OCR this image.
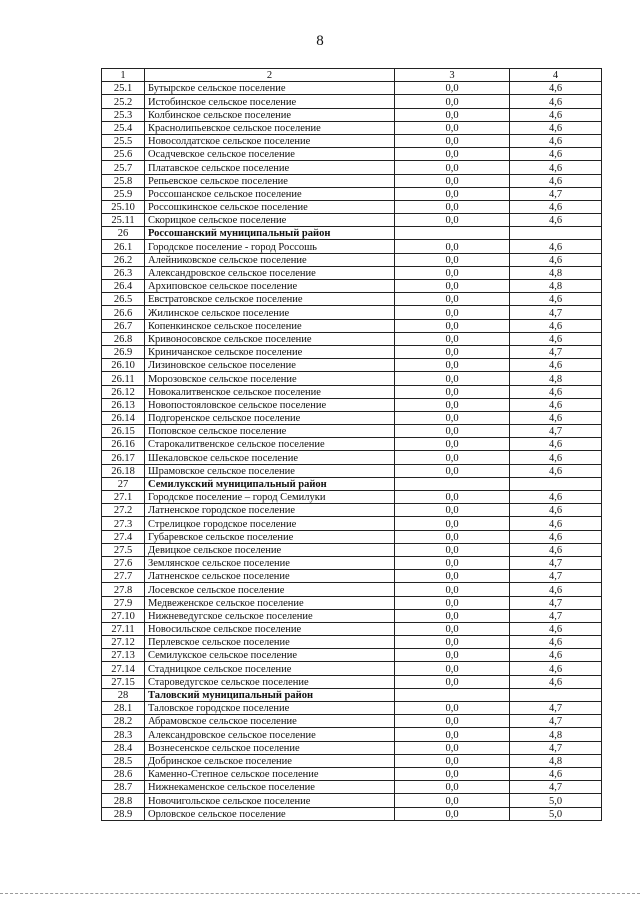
8
1	2	3	4
25.1	Бутырское сельское поселение	0,0	4,6
25.2	Истобинское сельское поселение	0,0	4,6
25.3	Колбинское сельское поселение	0,0	4,6
25.4	Краснолипьевское сельское поселение	0,0	4,6
25.5	Новосолдатское сельское поселение	0,0	4,6
25.6	Осадчевское сельское поселение	0,0	4,6
25.7	Платавское сельское поселение	0,0	4,6
25.8	Репьевское сельское поселение	0,0	4,6
25.9	Россошанское сельское поселение	0,0	4,7
25.10	Россошкинское сельское поселение	0,0	4,6
25.11	Скорицкое сельское поселение	0,0	4,6
26	Россошанский муниципальный район		
26.1	Городское поселение - город Россошь	0,0	4,6
26.2	Алейниковское сельское поселение	0,0	4,6
26.3	Александровское сельское поселение	0,0	4,8
26.4	Архиповское сельское поселение	0,0	4,8
26.5	Евстратовское сельское поселение	0,0	4,6
26.6	Жилинское сельское поселение	0,0	4,7
26.7	Копенкинское сельское поселение	0,0	4,6
26.8	Кривоносовское сельское поселение	0,0	4,6
26.9	Криничанское сельское поселение	0,0	4,7
26.10	Лизиновское сельское поселение	0,0	4,6
26.11	Морозовское сельское поселение	0,0	4,8
26.12	Новокалитвенское сельское поселение	0,0	4,6
26.13	Новопостояловское сельское поселение	0,0	4,6
26.14	Подгоренское сельское поселение	0,0	4,6
26.15	Поповское сельское поселение	0,0	4,7
26.16	Старокалитвенское сельское поселение	0,0	4,6
26.17	Шекаловское сельское поселение	0,0	4,6
26.18	Шрамовское сельское поселение	0,0	4,6
27	Семилукский муниципальный район		
27.1	Городское поселение – город Семилуки	0,0	4,6
27.2	Латненское городское поселение	0,0	4,6
27.3	Стрелицкое городское поселение	0,0	4,6
27.4	Губаревское сельское поселение	0,0	4,6
27.5	Девицкое сельское поселение	0,0	4,6
27.6	Землянское сельское поселение	0,0	4,7
27.7	Латненское сельское поселение	0,0	4,7
27.8	Лосевское сельское поселение	0,0	4,6
27.9	Медвеженское сельское поселение	0,0	4,7
27.10	Нижневедугское сельское поселение	0,0	4,7
27.11	Новосильское сельское поселение	0,0	4,6
27.12	Перлевское сельское поселение	0,0	4,6
27.13	Семилукское сельское поселение	0,0	4,6
27.14	Стадницкое сельское поселение	0,0	4,6
27.15	Староведугское сельское поселение	0,0	4,6
28	Таловский муниципальный район		
28.1	Таловское городское поселение	0,0	4,7
28.2	Абрамовское сельское поселение	0,0	4,7
28.3	Александровское сельское поселение	0,0	4,8
28.4	Вознесенское сельское поселение	0,0	4,7
28.5	Добринское сельское поселение	0,0	4,8
28.6	Каменно-Степное сельское поселение	0,0	4,6
28.7	Нижнекаменское сельское поселение	0,0	4,7
28.8	Новочигольское сельское поселение	0,0	5,0
28.9	Орловское сельское поселение	0,0	5,0
